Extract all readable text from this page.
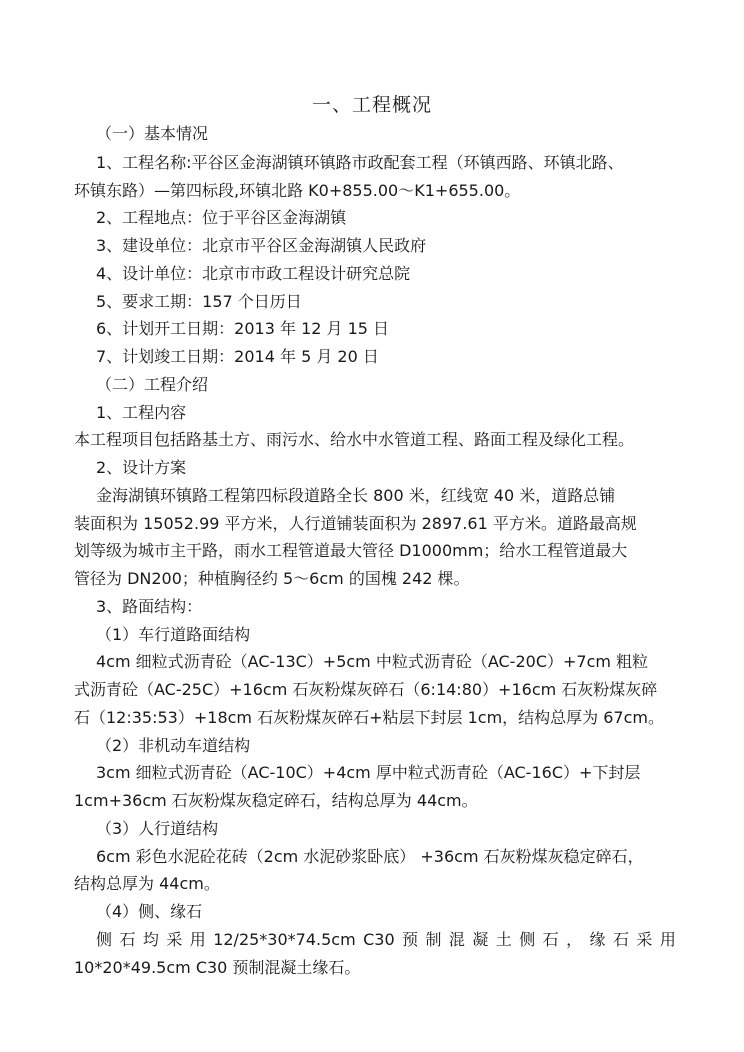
一、工程概况
（一）基本情况
1、工程名称:平谷区金海湖镇环镇路市政配套工程（环镇西路、环镇北路、
环镇东路）—第四标段,环镇北路 K0+855.00～K1+655.00。
2、工程地点：位于平谷区金海湖镇
3、建设单位：北京市平谷区金海湖镇人民政府
4、设计单位：北京市市政工程设计研究总院
5、要求工期：157 个日历日
6、计划开工日期：2013 年 12 月 15 日
7、计划竣工日期：2014 年 5 月 20 日
（二）工程介绍
1、工程内容
本工程项目包括路基土方、雨污水、给水中水管道工程、路面工程及绿化工程。
2、设计方案
金海湖镇环镇路工程第四标段道路全长 800 米，红线宽 40 米，道路总铺
装面积为 15052.99 平方米，人行道铺装面积为 2897.61 平方米。道路最高规
划等级为城市主干路，雨水工程管道最大管径 D1000mm；给水工程管道最大
管径为 DN200；种植胸径约 5～6cm 的国槐 242 棵。
3、路面结构：
（1）车行道路面结构
4cm 细粒式沥青砼（AC-13C）+5cm 中粒式沥青砼（AC-20C）+7cm 粗粒
式沥青砼（AC-25C）+16cm 石灰粉煤灰碎石（6:14:80）+16cm 石灰粉煤灰碎
石（12:35:53）+18cm 石灰粉煤灰碎石+粘层下封层 1cm，结构总厚为 67cm。
（2）非机动车道结构
3cm 细粒式沥青砼（AC-10C）+4cm 厚中粒式沥青砼（AC-16C）+下封层
1cm+36cm 石灰粉煤灰稳定碎石，结构总厚为 44cm。
（3）人行道结构
6cm 彩色水泥砼花砖（2cm 水泥砂浆卧底） +36cm 石灰粉煤灰稳定碎石，
结构总厚为 44cm。
（4）侧、缘石
侧 石 均 采 用 12/25*30*74.5cm C30 预 制 混 凝 土 侧 石 ， 缘 石 采 用
10*20*49.5cm C30 预制混凝土缘石。
